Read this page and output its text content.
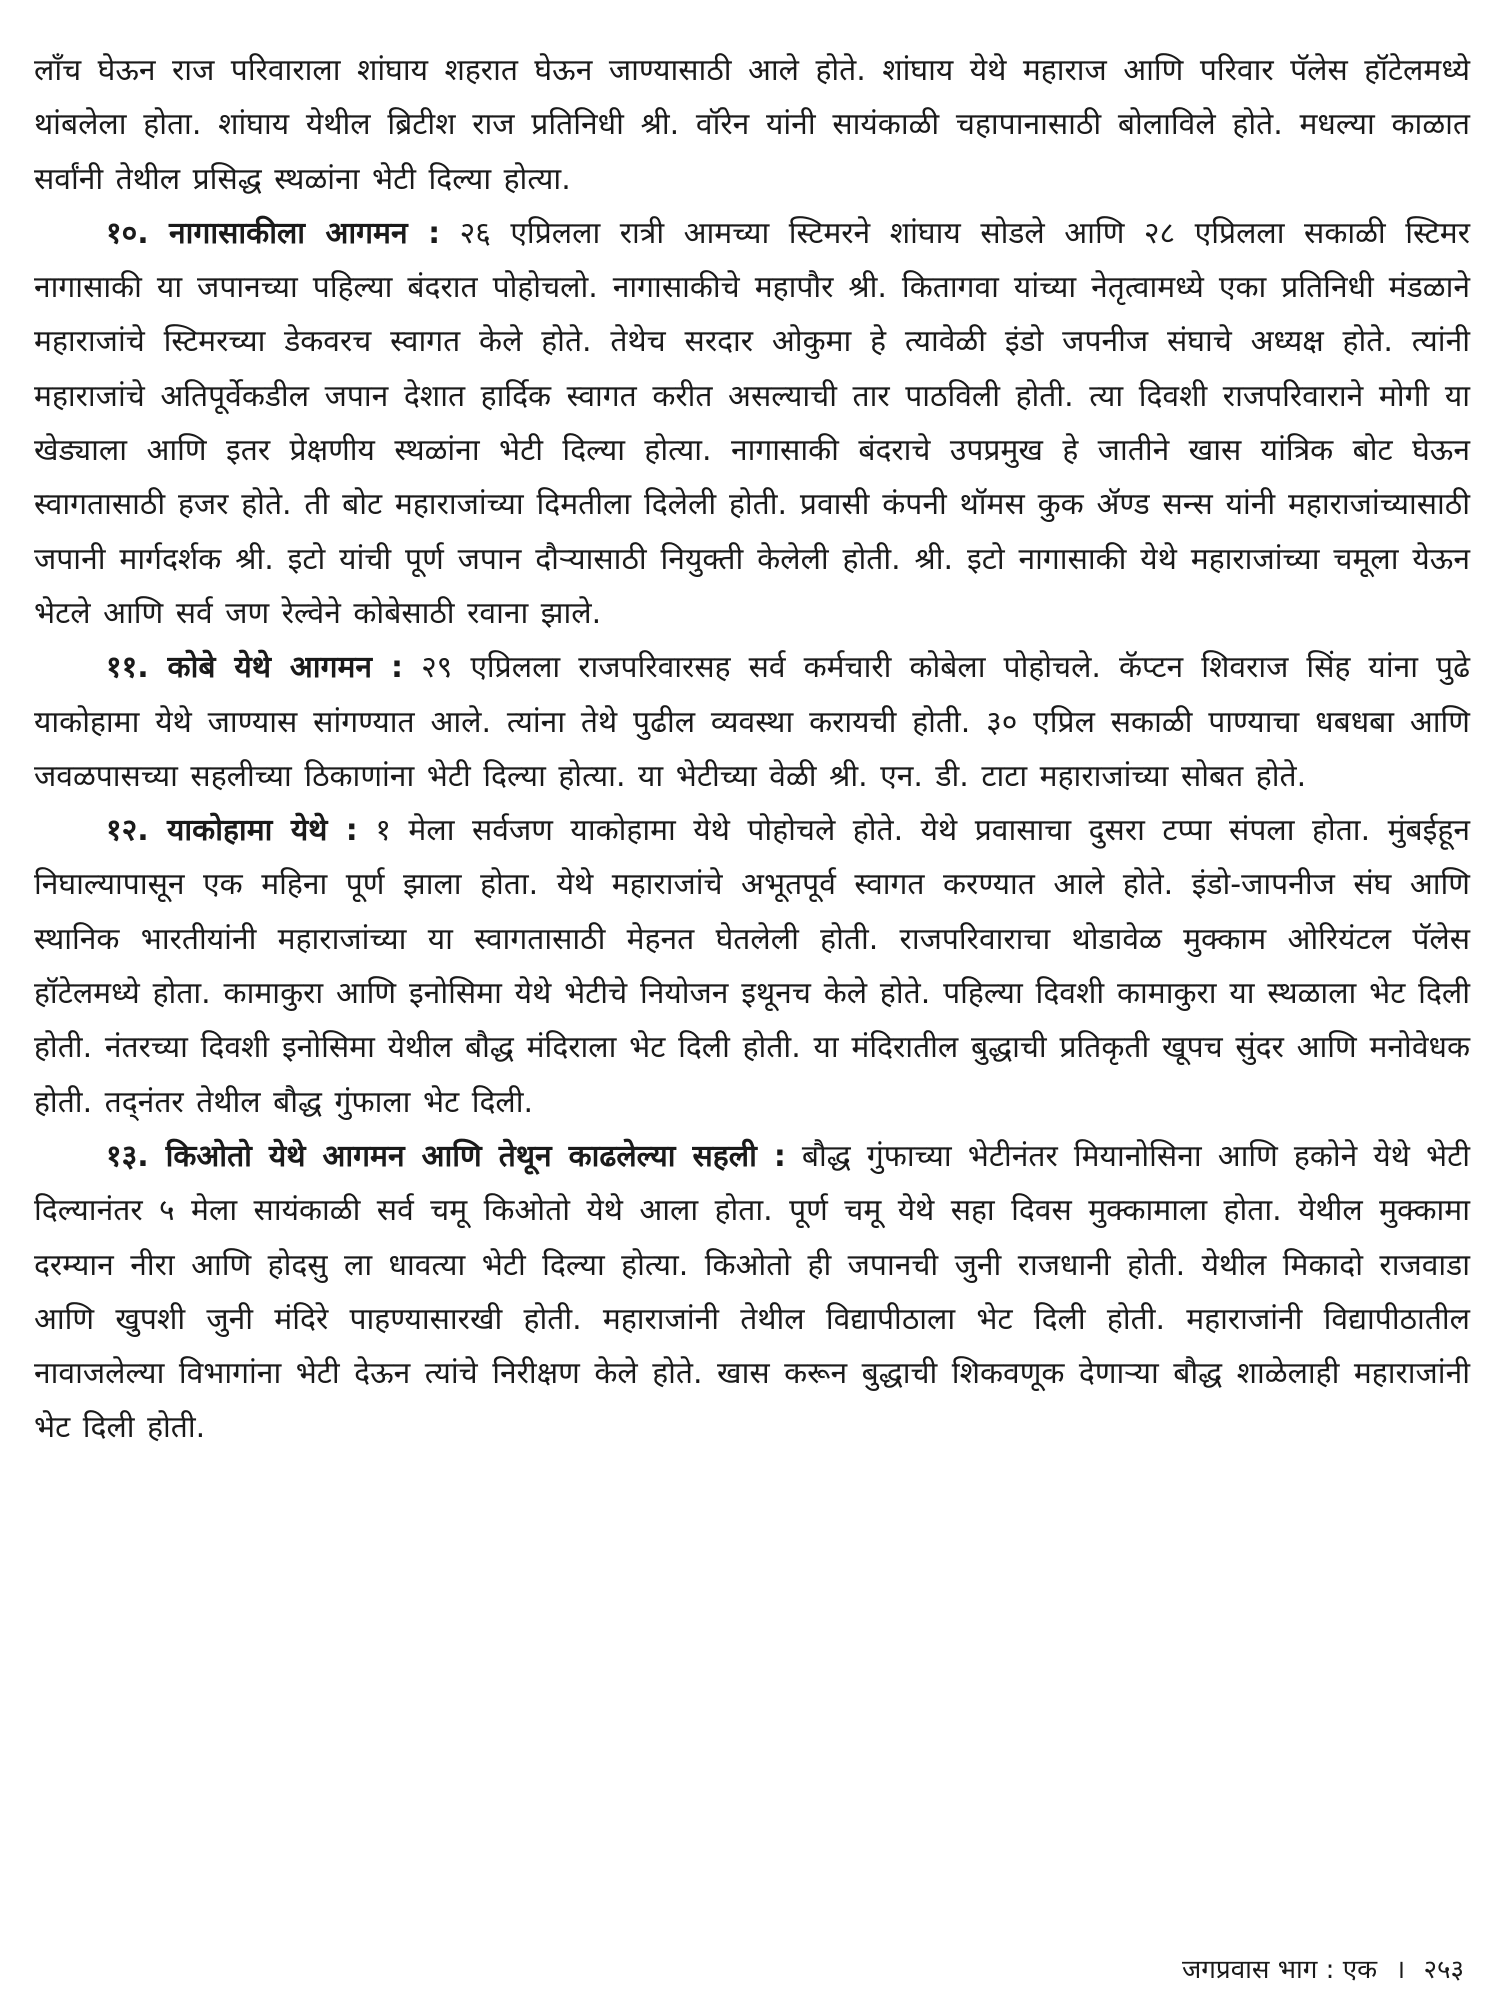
लाँच घेऊन राज परिवाराला शांघाय शहरात घेऊन जाण्यासाठी आले होते. शांघाय येथे महाराज आणि परिवार पॅलेस हॉटेलमध्ये थांबलेला होता. शांघाय येथील ब्रिटीश राज प्रतिनिधी श्री. वॉरेन यांनी सायंकाळी चहापानासाठी बोलाविले होते. मधल्या काळात सर्वांनी तेथील प्रसिद्ध स्थळांना भेटी दिल्या होत्या.

१०. नागासाकीला आगमन : २६ एप्रिलला रात्री आमच्या स्टिमरने शांघाय सोडले आणि २८ एप्रिलला सकाळी स्टिमर नागासाकी या जपानच्या पहिल्या बंदरात पोहोचलो. नागासाकीचे महापौर श्री. कितागवा यांच्या नेतृत्वामध्ये एका प्रतिनिधी मंडळाने महाराजांचे स्टिमरच्या डेकवरच स्वागत केले होते. तेथेच सरदार ओकुमा हे त्यावेळी इंडो जपनीज संघाचे अध्यक्ष होते. त्यांनी महाराजांचे अतिपूर्वेकडील जपान देशात हार्दिक स्वागत करीत असल्याची तार पाठविली होती. त्या दिवशी राजपरिवाराने मोगी या खेड्याला आणि इतर प्रेक्षणीय स्थळांना भेटी दिल्या होत्या. नागासाकी बंदराचे उपप्रमुख हे जातीने खास यांत्रिक बोट घेऊन स्वागतासाठी हजर होते. ती बोट महाराजांच्या दिमतीला दिलेली होती. प्रवासी कंपनी थॉमस कुक ॲण्ड सन्स यांनी महाराजांच्यासाठी जपानी मार्गदर्शक श्री. इटो यांची पूर्ण जपान दौऱ्यासाठी नियुक्ती केलेली होती. श्री. इटो नागासाकी येथे महाराजांच्या चमूला येऊन भेटले आणि सर्व जण रेल्वेने कोबेसाठी रवाना झाले.

११. कोबे येथे आगमन : २९ एप्रिलला राजपरिवारसह सर्व कर्मचारी कोबेला पोहोचले. कॅप्टन शिवराज सिंह यांना पुढे याकोहामा येथे जाण्यास सांगण्यात आले. त्यांना तेथे पुढील व्यवस्था करायची होती. ३० एप्रिल सकाळी पाण्याचा धबधबा आणि जवळपासच्या सहलीच्या ठिकाणांना भेटी दिल्या होत्या. या भेटीच्या वेळी श्री. एन. डी. टाटा महाराजांच्या सोबत होते.

१२. याकोहामा येथे : १ मेला सर्वजण याकोहामा येथे पोहोचले होते. येथे प्रवासाचा दुसरा टप्पा संपला होता. मुंबईहून निघाल्यापासून एक महिना पूर्ण झाला होता. येथे महाराजांचे अभूतपूर्व स्वागत करण्यात आले होते. इंडो-जापनीज संघ आणि स्थानिक भारतीयांनी महाराजांच्या या स्वागतासाठी मेहनत घेतलेली होती. राजपरिवाराचा थोडावेळ मुक्काम ओरियंटल पॅलेस हॉटेलमध्ये होता. कामाकुरा आणि इनोसिमा येथे भेटीचे नियोजन इथूनच केले होते. पहिल्या दिवशी कामाकुरा या स्थळाला भेट दिली होती. नंतरच्या दिवशी इनोसिमा येथील बौद्ध मंदिराला भेट दिली होती. या मंदिरातील बुद्धाची प्रतिकृती खूपच सुंदर आणि मनोवेधक होती. तद्नंतर तेथील बौद्ध गुंफाला भेट दिली.

१३. किओतो येथे आगमन आणि तेथून काढलेल्या सहली : बौद्ध गुंफाच्या भेटीनंतर मियानोसिना आणि हकोने येथे भेटी दिल्यानंतर ५ मेला सायंकाळी सर्व चमू किओतो येथे आला होता. पूर्ण चमू येथे सहा दिवस मुक्कामाला होता. येथील मुक्कामा दरम्यान नीरा आणि होदसु ला धावत्या भेटी दिल्या होत्या. किओतो ही जपानची जुनी राजधानी होती. येथील मिकादो राजवाडा आणि खुपशी जुनी मंदिरे पाहण्यासारखी होती. महाराजांनी तेथील विद्यापीठाला भेट दिली होती. महाराजांनी विद्यापीठातील नावाजलेल्या विभागांना भेटी देऊन त्यांचे निरीक्षण केले होते. खास करून बुद्धाची शिकवणूक देणाऱ्या बौद्ध शाळेलाही महाराजांनी भेट दिली होती.

जगप्रवास भाग : एक । २५३
